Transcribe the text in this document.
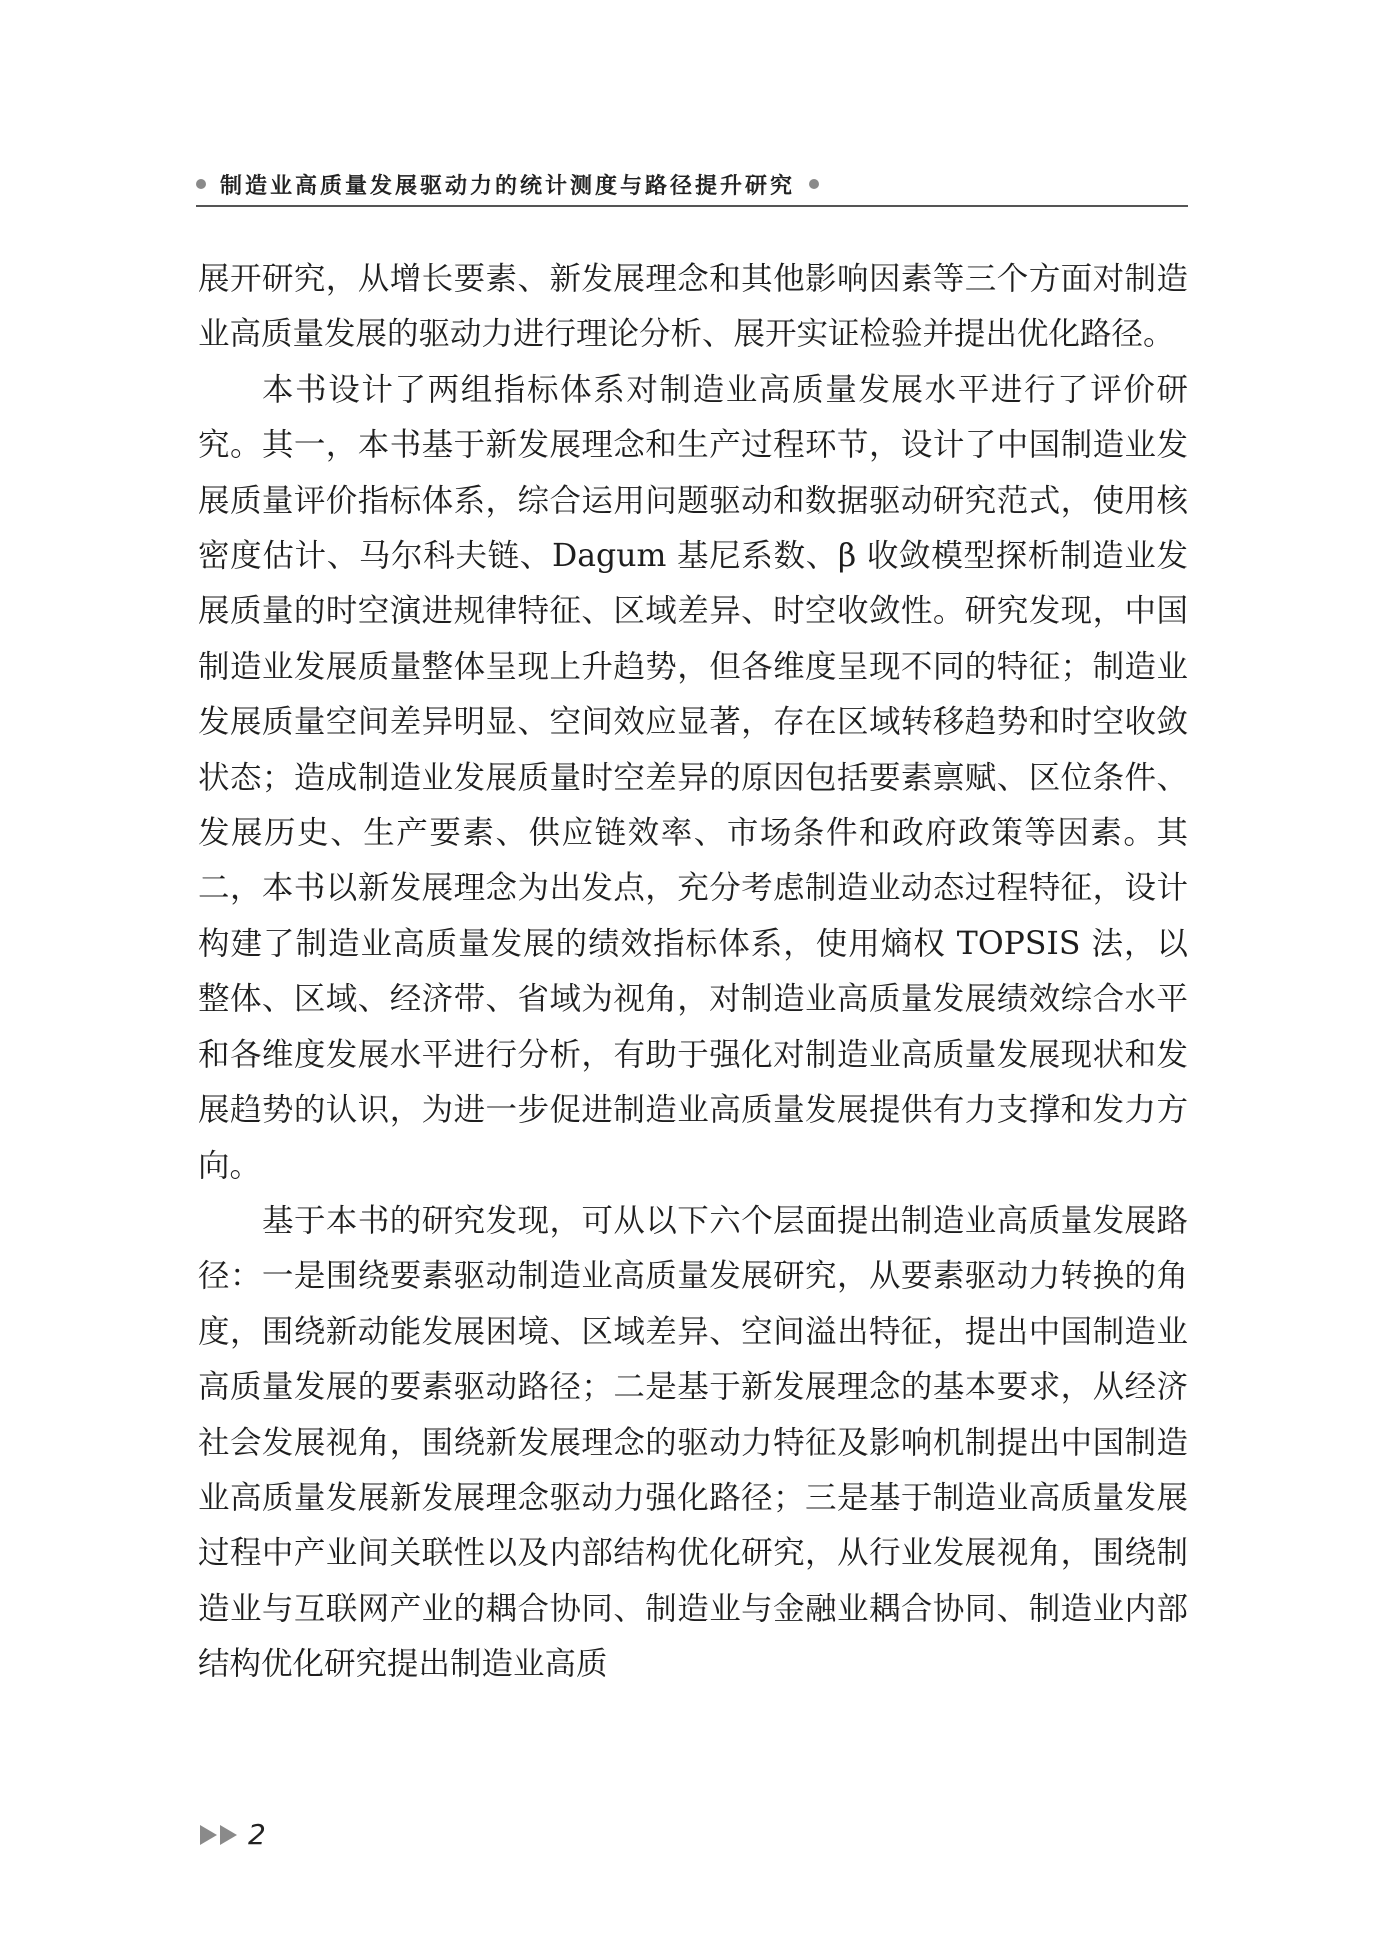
制造业高质量发展驱动力的统计测度与路径提升研究

展开研究，从增长要素、新发展理念和其他影响因素等三个方面对制造业高质量发展的驱动力进行理论分析、展开实证检验并提出优化路径。

本书设计了两组指标体系对制造业高质量发展水平进行了评价研究。其一，本书基于新发展理念和生产过程环节，设计了中国制造业发展质量评价指标体系，综合运用问题驱动和数据驱动研究范式，使用核密度估计、马尔科夫链、Dagum 基尼系数、β 收敛模型探析制造业发展质量的时空演进规律特征、区域差异、时空收敛性。研究发现，中国制造业发展质量整体呈现上升趋势，但各维度呈现不同的特征；制造业发展质量空间差异明显、空间效应显著，存在区域转移趋势和时空收敛状态；造成制造业发展质量时空差异的原因包括要素禀赋、区位条件、发展历史、生产要素、供应链效率、市场条件和政府政策等因素。其二，本书以新发展理念为出发点，充分考虑制造业动态过程特征，设计构建了制造业高质量发展的绩效指标体系，使用熵权 TOPSIS 法，以整体、区域、经济带、省域为视角，对制造业高质量发展绩效综合水平和各维度发展水平进行分析，有助于强化对制造业高质量发展现状和发展趋势的认识，为进一步促进制造业高质量发展提供有力支撑和发力方向。

基于本书的研究发现，可从以下六个层面提出制造业高质量发展路径：一是围绕要素驱动制造业高质量发展研究，从要素驱动力转换的角度，围绕新动能发展困境、区域差异、空间溢出特征，提出中国制造业高质量发展的要素驱动路径；二是基于新发展理念的基本要求，从经济社会发展视角，围绕新发展理念的驱动力特征及影响机制提出中国制造业高质量发展新发展理念驱动力强化路径；三是基于制造业高质量发展过程中产业间关联性以及内部结构优化研究，从行业发展视角，围绕制造业与互联网产业的耦合协同、制造业与金融业耦合协同、制造业内部结构优化研究提出制造业高质

2
